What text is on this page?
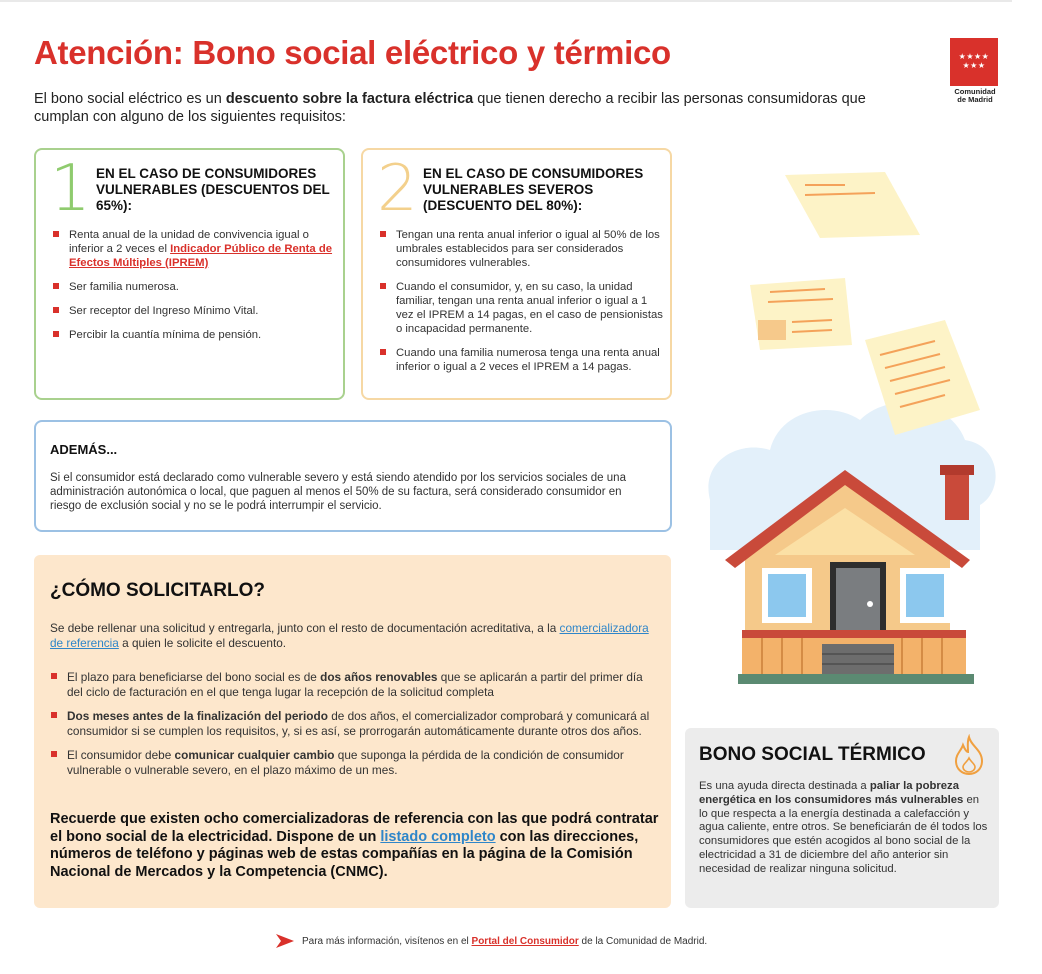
Atención: Bono social eléctrico y térmico

El bono social eléctrico es un descuento sobre la factura eléctrica que tienen derecho a recibir las personas consumidoras que cumplan con alguno de los siguientes requisitos:

★★★★ ★★★
Comunidad
de Madrid
1 EN EL CASO DE CONSUMIDORES VULNERABLES (DESCUENTOS DEL 65%):
Renta anual de la unidad de convivencia igual o inferior a 2 veces el Indicador Público de Renta de Efectos Múltiples (IPREM)
Ser familia numerosa.
Ser receptor del Ingreso Mínimo Vital.
Percibir la cuantía mínima de pensión.
2 EN EL CASO DE CONSUMIDORES VULNERABLES SEVEROS (DESCUENTO DEL 80%):
Tengan una renta anual inferior o igual al 50% de los umbrales establecidos para ser considerados consumidores vulnerables.
Cuando el consumidor, y, en su caso, la unidad familiar, tengan una renta anual inferior o igual a 1 vez el IPREM a 14 pagas, en el caso de pensionistas o incapacidad permanente.
Cuando una familia numerosa tenga una renta anual inferior o igual a 2 veces el IPREM a 14 pagas.
ADEMÁS...
Si el consumidor está declarado como vulnerable severo y está siendo atendido por los servicios sociales de una administración autonómica o local, que paguen al menos el 50% de su factura, será considerado consumidor en riesgo de exclusión social y no se le podrá interrumpir el servicio.
¿CÓMO SOLICITARLO?

Se debe rellenar una solicitud y entregarla, junto con el resto de documentación acreditativa, a la comercializadora de referencia a quien le solicite el descuento.

El plazo para beneficiarse del bono social es de dos años renovables que se aplicarán a partir del primer día del ciclo de facturación en el que tenga lugar la recepción de la solicitud completa
Dos meses antes de la finalización del periodo de dos años, el comercializador comprobará y comunicará al consumidor si se cumplen los requisitos, y, si es así, se prorrogarán automáticamente durante otros dos años.
El consumidor debe comunicar cualquier cambio que suponga la pérdida de la condición de consumidor vulnerable o vulnerable severo, en el plazo máximo de un mes.

Recuerde que existen ocho comercializadoras de referencia con las que podrá contratar el bono social de la electricidad. Dispone de un listado completo con las direcciones, números de teléfono y páginas web de estas compañías en la página de la Comisión Nacional de Mercados y la Competencia (CNMC).

BONO SOCIAL TÉRMICO

Es una ayuda directa destinada a paliar la pobreza energética en los consumidores más vulnerables en lo que respecta a la energía destinada a calefacción y agua caliente, entre otros. Se beneficiarán de él todos los consumidores que estén acogidos al bono social de la electricidad a 31 de diciembre del año anterior sin necesidad de realizar ninguna solicitud.

Para más información, visítenos en el Portal del Consumidor de la Comunidad de Madrid.
